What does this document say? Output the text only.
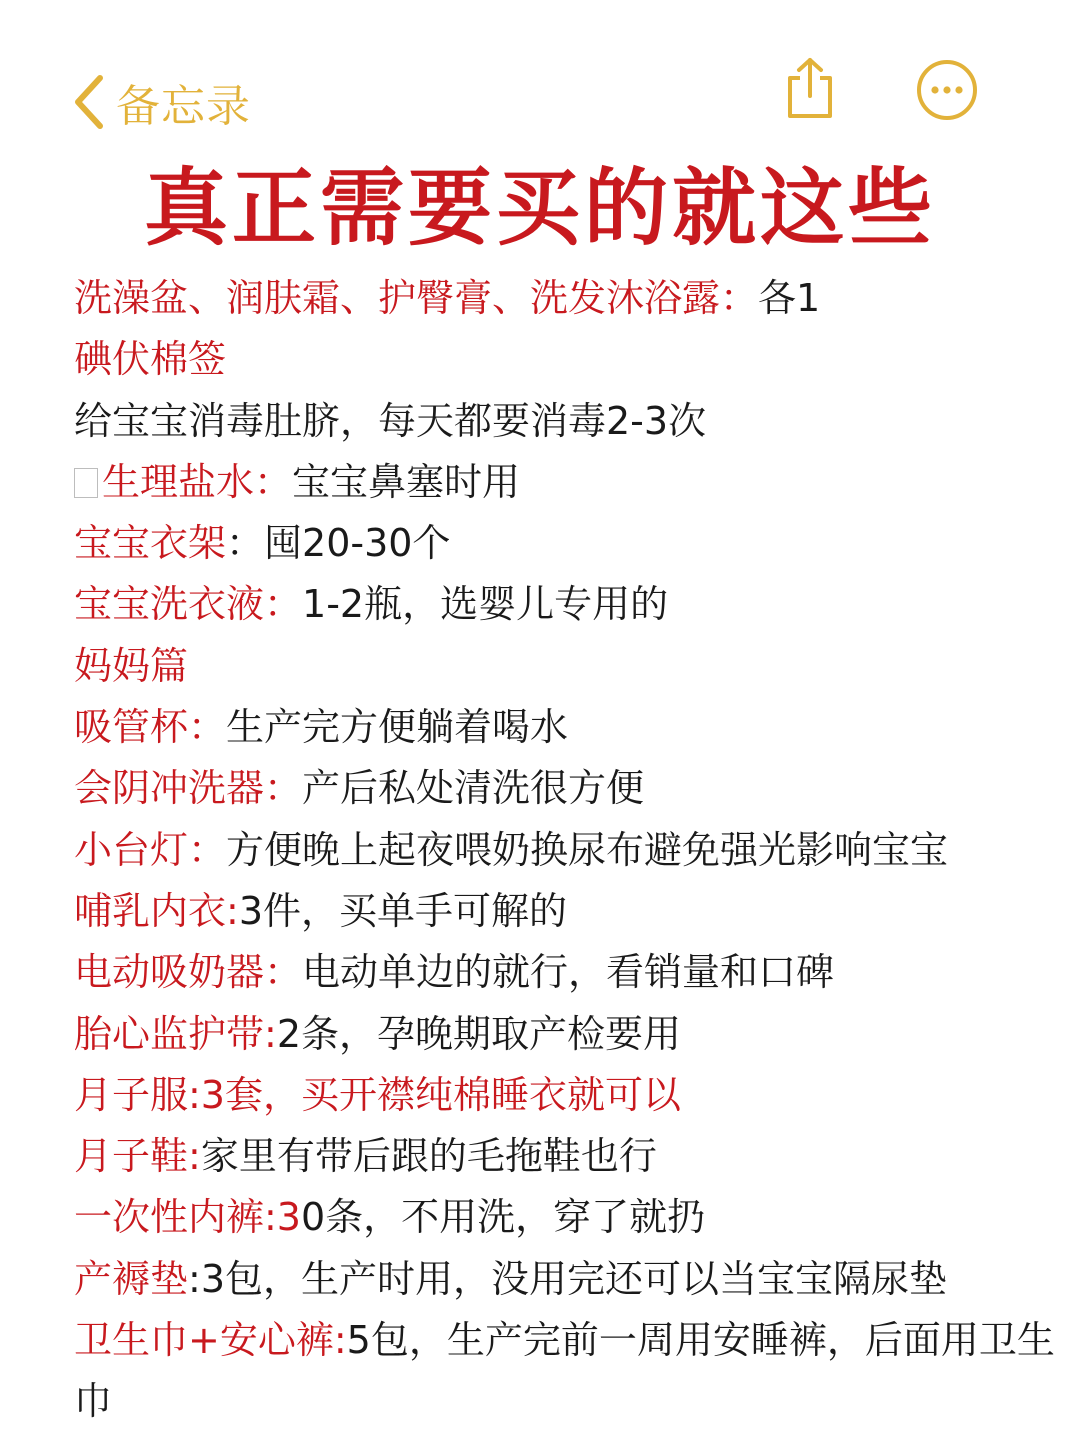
备忘录
真正需要买的就这些
洗澡盆、润肤霜、护臀膏、洗发沐浴露：各1
碘伏棉签
给宝宝消毒肚脐，每天都要消毒2-3次
生理盐水：宝宝鼻塞时用
宝宝衣架：囤20-30个
宝宝洗衣液：1-2瓶，选婴儿专用的
妈妈篇
吸管杯：生产完方便躺着喝水
会阴冲洗器：产后私处清洗很方便
小台灯：方便晚上起夜喂奶换尿布避免强光影响宝宝
哺乳内衣:3件，买单手可解的
电动吸奶器：电动单边的就行，看销量和口碑
胎心监护带:2条，孕晚期取产检要用
月子服:3套，买开襟纯棉睡衣就可以
月子鞋:家里有带后跟的毛拖鞋也行
一次性内裤:30条，不用洗，穿了就扔
产褥垫:3包，生产时用，没用完还可以当宝宝隔尿垫
卫生巾+安心裤:5包，生产完前一周用安睡裤，后面用卫生巾
